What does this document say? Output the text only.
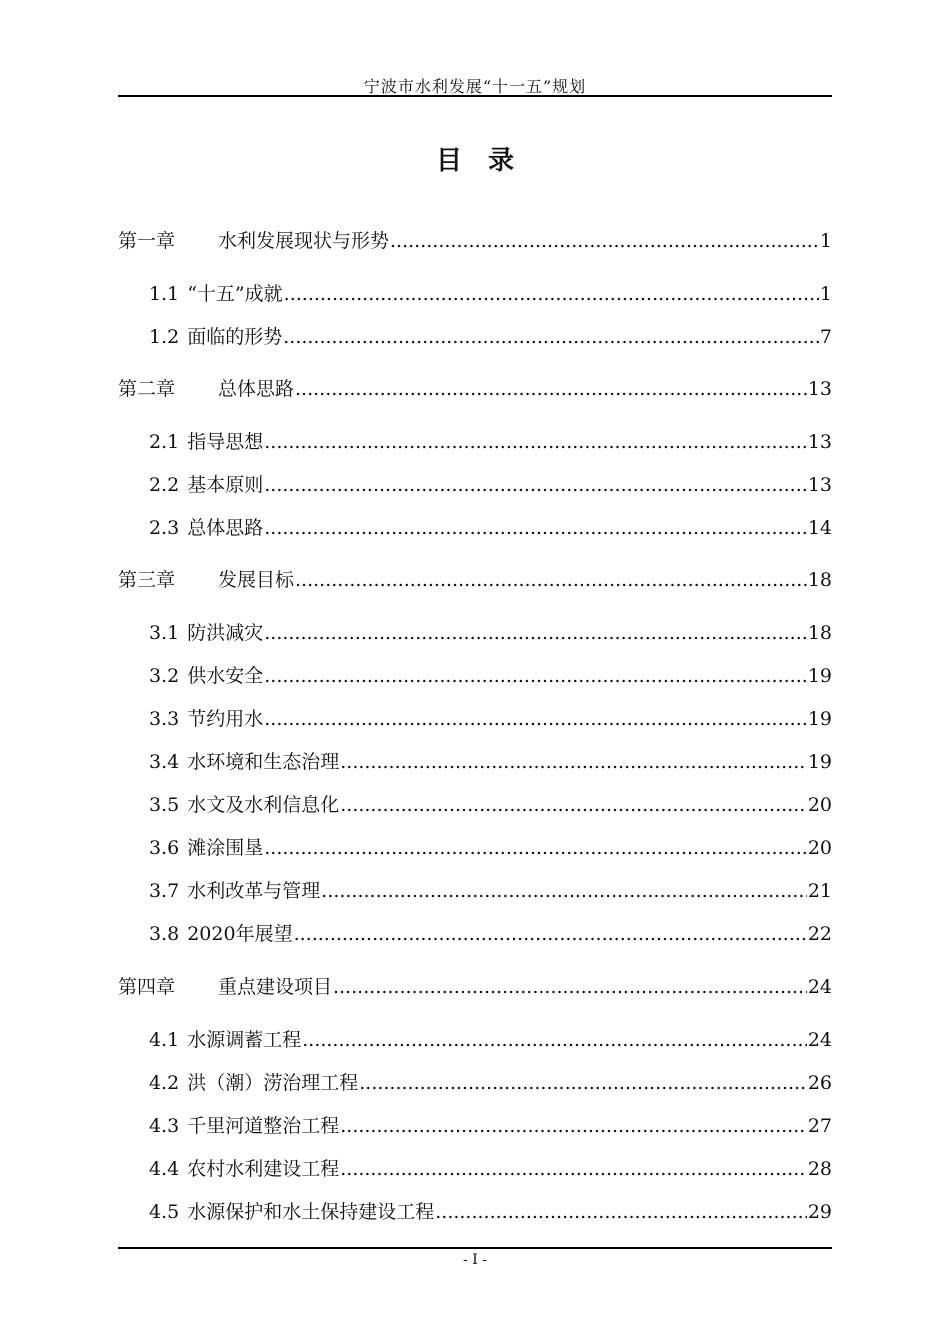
宁波市水利发展“十一五”规划
目录
第一章	水利发展现状与形势 .....	1
1.1 “十五”成就 .....	1
1.2 面临的形势 .....	7
第二章	总体思路 .....	13
2.1 指导思想 .....	13
2.2 基本原则 .....	13
2.3 总体思路 .....	14
第三章	发展目标 .....	18
3.1 防洪减灾 .....	18
3.2 供水安全 .....	19
3.3 节约用水 .....	19
3.4 水环境和生态治理 .....	19
3.5 水文及水利信息化 .....	20
3.6 滩涂围垦 .....	20
3.7 水利改革与管理 .....	21
3.8 2020年展望 .....	22
第四章	重点建设项目 .....	24
4.1 水源调蓄工程 .....	24
4.2 洪（潮）涝治理工程 .....	26
4.3 千里河道整治工程 .....	27
4.4 农村水利建设工程 .....	28
4.5 水源保护和水土保持建设工程 .....	29
- I -
